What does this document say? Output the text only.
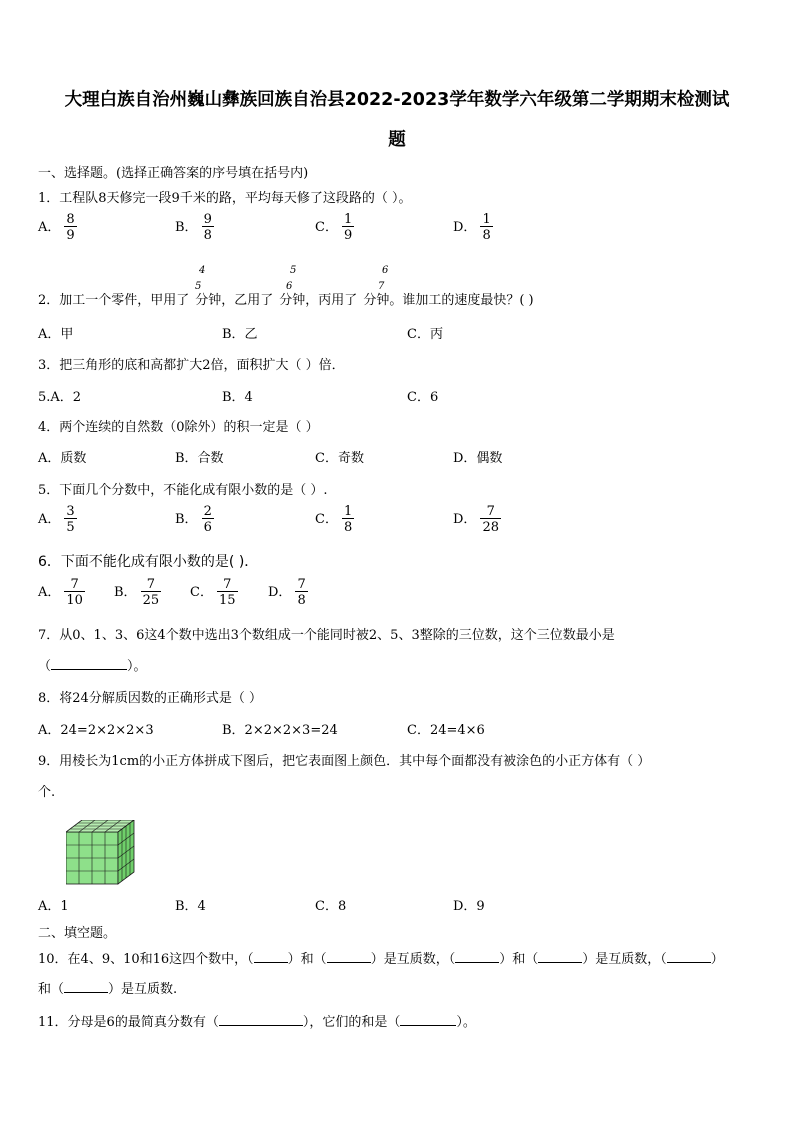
大理白族自治州巍山彝族回族自治县2022-2023学年数学六年级第二学期期末检测试
题
一、选择题。(选择正确答案的序号填在括号内)
1．工程队8天修完一段9千米的路，平均每天修了这段路的（ ）。
A． $\frac{8}{9}$	B． $\frac{9}{8}$	C． $\frac{1}{9}$	D． $\frac{1}{8}$
4
5
5
6
6
7
2．加工一个零件，甲用了 分钟，乙用了 分钟，丙用了 分钟。谁加工的速度最快？( )
A．甲	B．乙	C．丙
3．把三角形的底和高都扩大2倍，面积扩大（ ）倍．
5.A．2	B．4	C．6
4．两个连续的自然数（0除外）的积一定是（ ）
A．质数	B．合数	C．奇数	D．偶数
5．下面几个分数中，不能化成有限小数的是（ ）.
A． $\frac{3}{5}$	B． $\frac{2}{6}$	C． $\frac{1}{8}$	D． $\frac{7}{28}$
6．下面不能化成有限小数的是( )．
A． $\frac{7}{10}$ B． $\frac{7}{25}$ C． $\frac{7}{15}$ D． $\frac{7}{8}$
7．从0、1、3、6这4个数中选出3个数组成一个能同时被2、5、3整除的三位数，这个三位数最小是
（	）。
8．将24分解质因数的正确形式是（ ）
A．24=2×2×2×3	B．2×2×2×3=24	C．24=4×6
9．用棱长为1cm的小正方体拼成下图后，把它表面图上颜色．其中每个面都没有被涂色的小正方体有（ ）
个.
A．1	B．4	C．8	D．9
二、填空题。
10．在4、9、10和16这四个数中，（	）和（	）是互质数，（	）和（	）是互质数，（	）
和（	）是互质数.
11．分母是6的最简真分数有（	），它们的和是（	）。
